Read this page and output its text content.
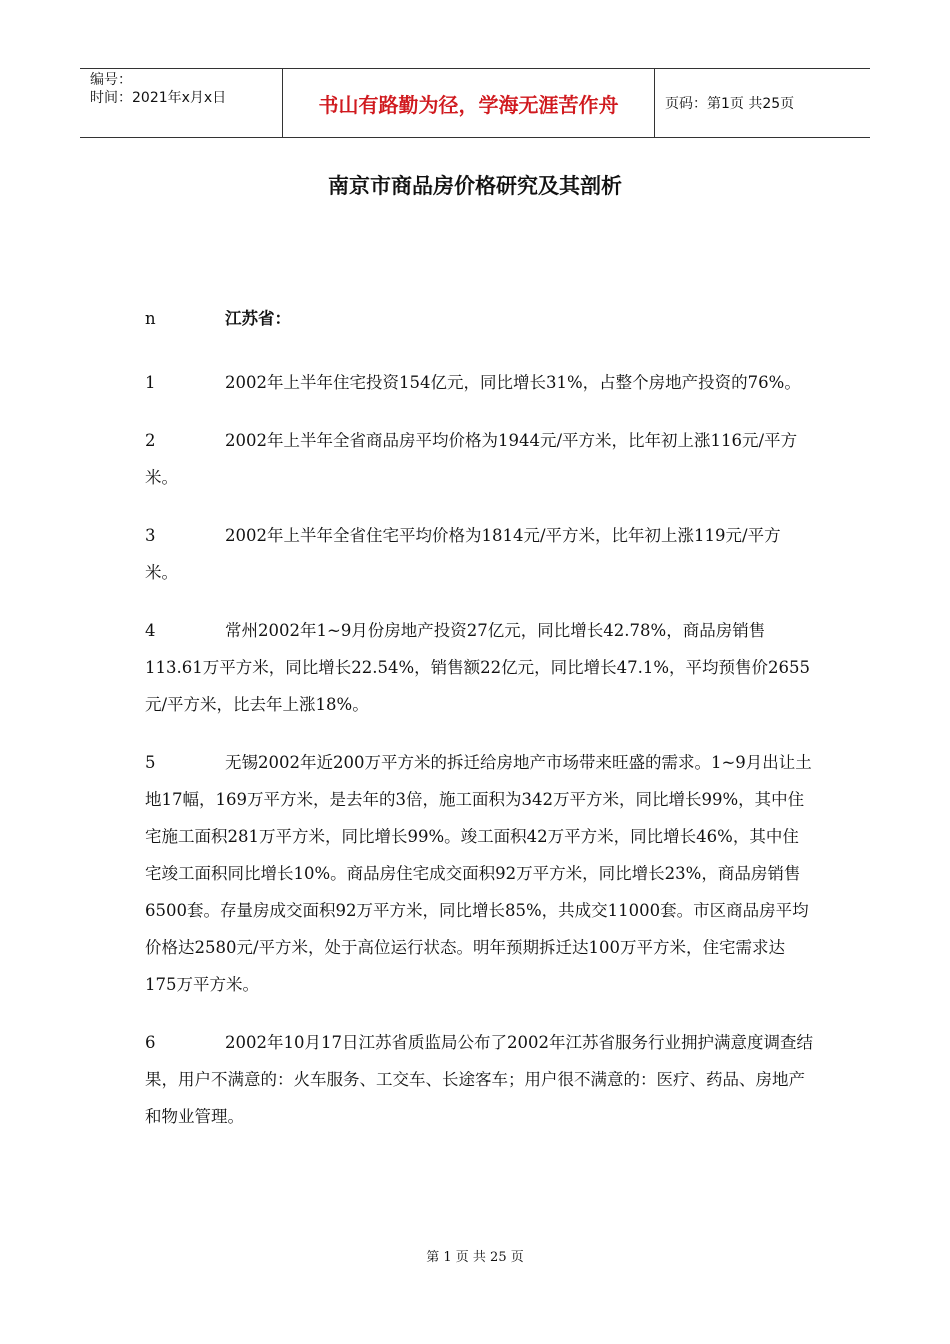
编号：
时间：2021年x月x日	书山有路勤为径，学海无涯苦作舟	页码：第1页 共25页
南京市商品房价格研究及其剖析
n	江苏省：
1	2002年上半年住宅投资154亿元，同比增长31%，占整个房地产投资的76%。
2	2002年上半年全省商品房平均价格为1944元/平方米，比年初上涨116元/平方米。
3	2002年上半年全省住宅平均价格为1814元/平方米，比年初上涨119元/平方米。
4	常州2002年1~9月份房地产投资27亿元，同比增长42.78%，商品房销售113.61万平方米，同比增长22.54%，销售额22亿元，同比增长47.1%，平均预售价2655元/平方米，比去年上涨18%。
5	无锡2002年近200万平方米的拆迁给房地产市场带来旺盛的需求。1~9月出让土地17幅，169万平方米，是去年的3倍，施工面积为342万平方米，同比增长99%，其中住宅施工面积281万平方米，同比增长99%。竣工面积42万平方米，同比增长46%，其中住宅竣工面积同比增长10%。商品房住宅成交面积92万平方米，同比增长23%，商品房销售6500套。存量房成交面积92万平方米，同比增长85%，共成交11000套。市区商品房平均价格达2580元/平方米，处于高位运行状态。明年预期拆迁达100万平方米，住宅需求达175万平方米。
6	2002年10月17日江苏省质监局公布了2002年江苏省服务行业拥护满意度调查结果，用户不满意的：火车服务、工交车、长途客车；用户很不满意的：医疗、药品、房地产和物业管理。
第 1 页 共 25 页
